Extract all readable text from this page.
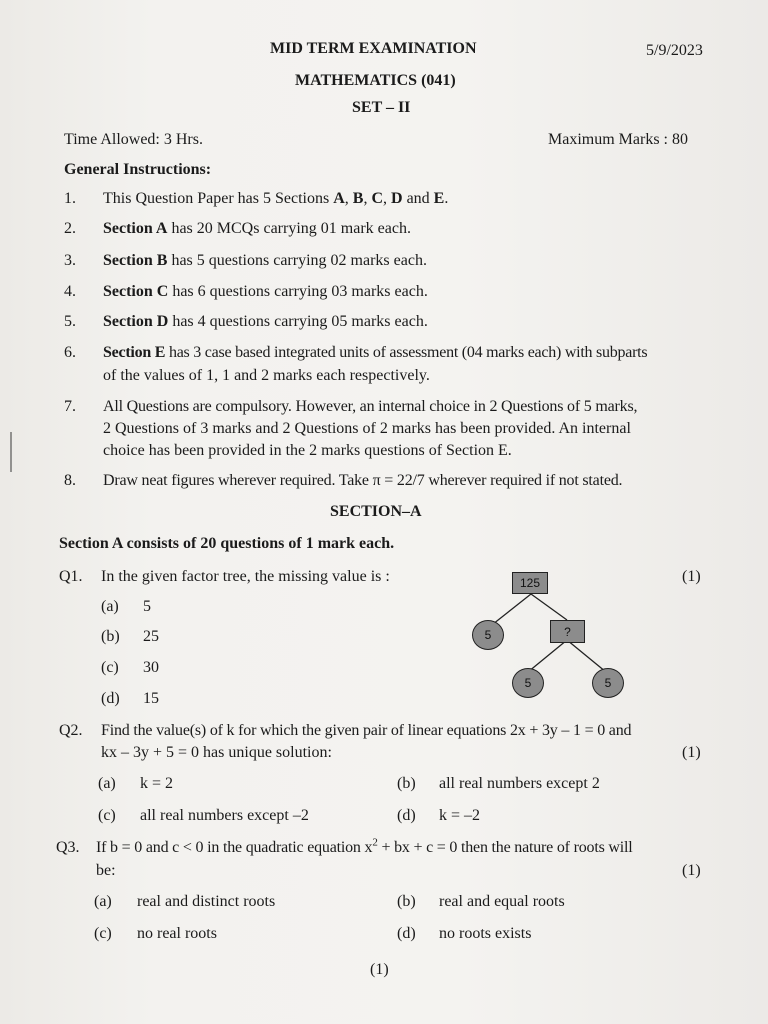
MID TERM EXAMINATION	5/9/2023
MATHEMATICS (041)
SET – II
Time Allowed: 3 Hrs.	Maximum Marks : 80
General Instructions:
1. This Question Paper has 5 Sections A, B, C, D and E.
2. Section A has 20 MCQs carrying 01 mark each.
3. Section B has 5 questions carrying 02 marks each.
4. Section C has 6 questions carrying 03 marks each.
5. Section D has 4 questions carrying 05 marks each.
6. Section E has 3 case based integrated units of assessment (04 marks each) with subparts
of the values of 1, 1 and 2 marks each respectively.
7. All Questions are compulsory. However, an internal choice in 2 Questions of 5 marks,
2 Questions of 3 marks and 2 Questions of 2 marks has been provided. An internal
choice has been provided in the 2 marks questions of Section E.
8. Draw neat figures wherever required. Take π = 22/7 wherever required if not stated.
SECTION–A
Section A consists of 20 questions of 1 mark each.
Q1. In the given factor tree, the missing value is :	(1)
(a) 5
(b) 25
(c) 30
(d) 15
125
5	?
5	5
Q2. Find the value(s) of k for which the given pair of linear equations 2x + 3y – 1 = 0 and
kx – 3y + 5 = 0 has unique solution:	(1)
(a) k = 2	(b) all real numbers except 2
(c) all real numbers except –2	(d) k = –2
Q3. If b = 0 and c < 0 in the quadratic equation $x^2$ + bx + c = 0 then the nature of roots will
be:	(1)
(a) real and distinct roots	(b) real and equal roots
(c) no real roots	(d) no roots exists
(1)
